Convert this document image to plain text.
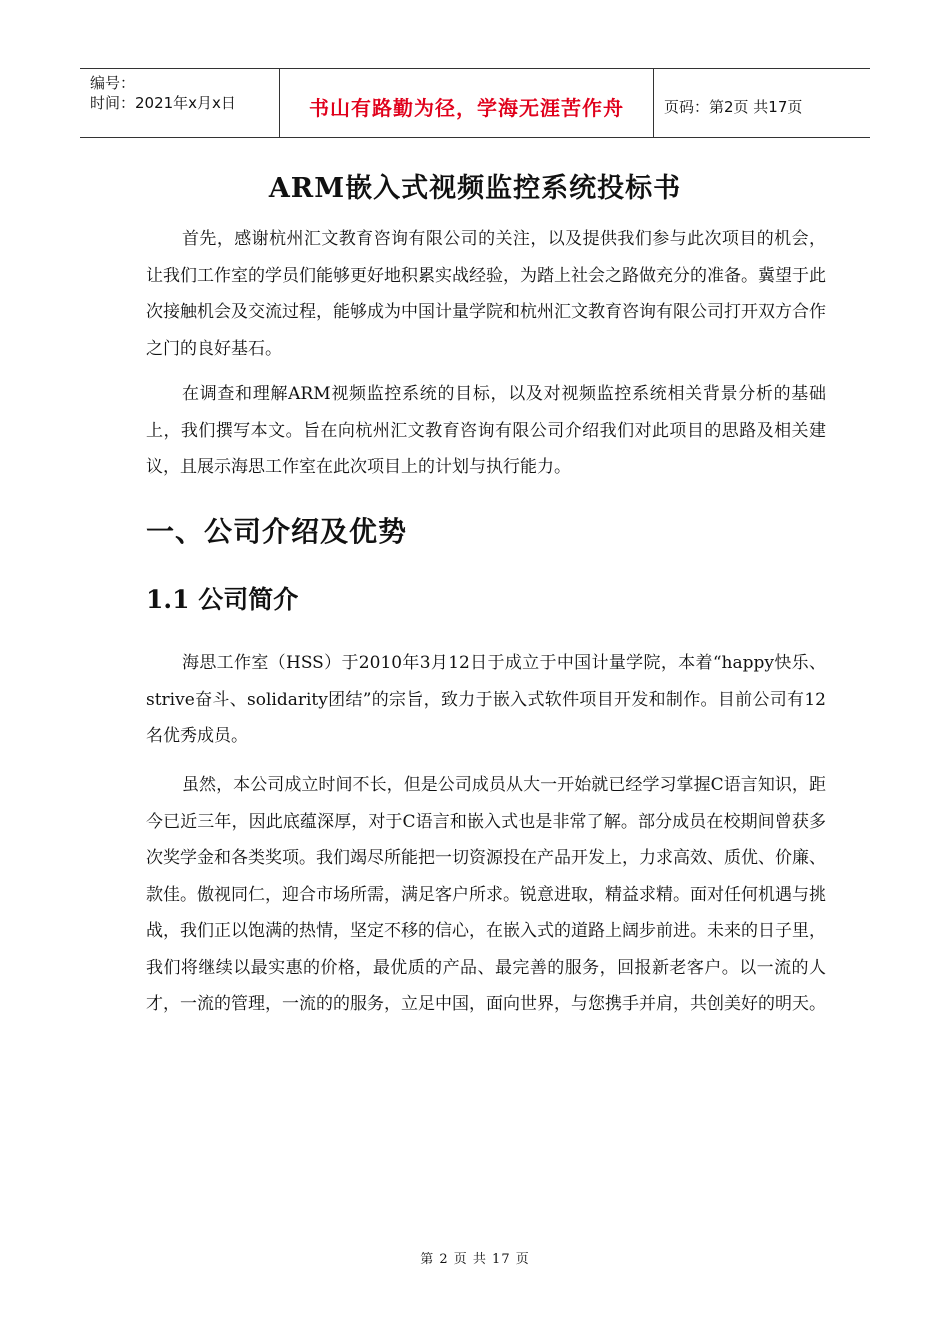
编号：
时间：2021年x月x日	书山有路勤为径，学海无涯苦作舟	页码：第2页 共17页
ARM嵌入式视频监控系统投标书

首先，感谢杭州汇文教育咨询有限公司的关注，以及提供我们参与此次项目的机会，让我们工作室的学员们能够更好地积累实战经验，为踏上社会之路做充分的准备。冀望于此次接触机会及交流过程，能够成为中国计量学院和杭州汇文教育咨询有限公司打开双方合作之门的良好基石。

在调查和理解ARM视频监控系统的目标，以及对视频监控系统相关背景分析的基础上，我们撰写本文。旨在向杭州汇文教育咨询有限公司介绍我们对此项目的思路及相关建议，且展示海思工作室在此次项目上的计划与执行能力。

一、公司介绍及优势
1.1 公司简介

海思工作室（HSS）于2010年3月12日于成立于中国计量学院，本着“happy快乐、strive奋斗、solidarity团结”的宗旨，致力于嵌入式软件项目开发和制作。目前公司有12名优秀成员。

虽然，本公司成立时间不长，但是公司成员从大一开始就已经学习掌握C语言知识，距今已近三年，因此底蕴深厚，对于C语言和嵌入式也是非常了解。部分成员在校期间曾获多次奖学金和各类奖项。我们竭尽所能把一切资源投在产品开发上，力求高效、质优、价廉、款佳。傲视同仁，迎合市场所需，满足客户所求。锐意进取，精益求精。面对任何机遇与挑战，我们正以饱满的热情，坚定不移的信心，在嵌入式的道路上阔步前进。未来的日子里，我们将继续以最实惠的价格，最优质的产品、最完善的服务，回报新老客户。以一流的人才，一流的管理，一流的的服务，立足中国，面向世界，与您携手并肩，共创美好的明天。

第 2 页 共 17 页
